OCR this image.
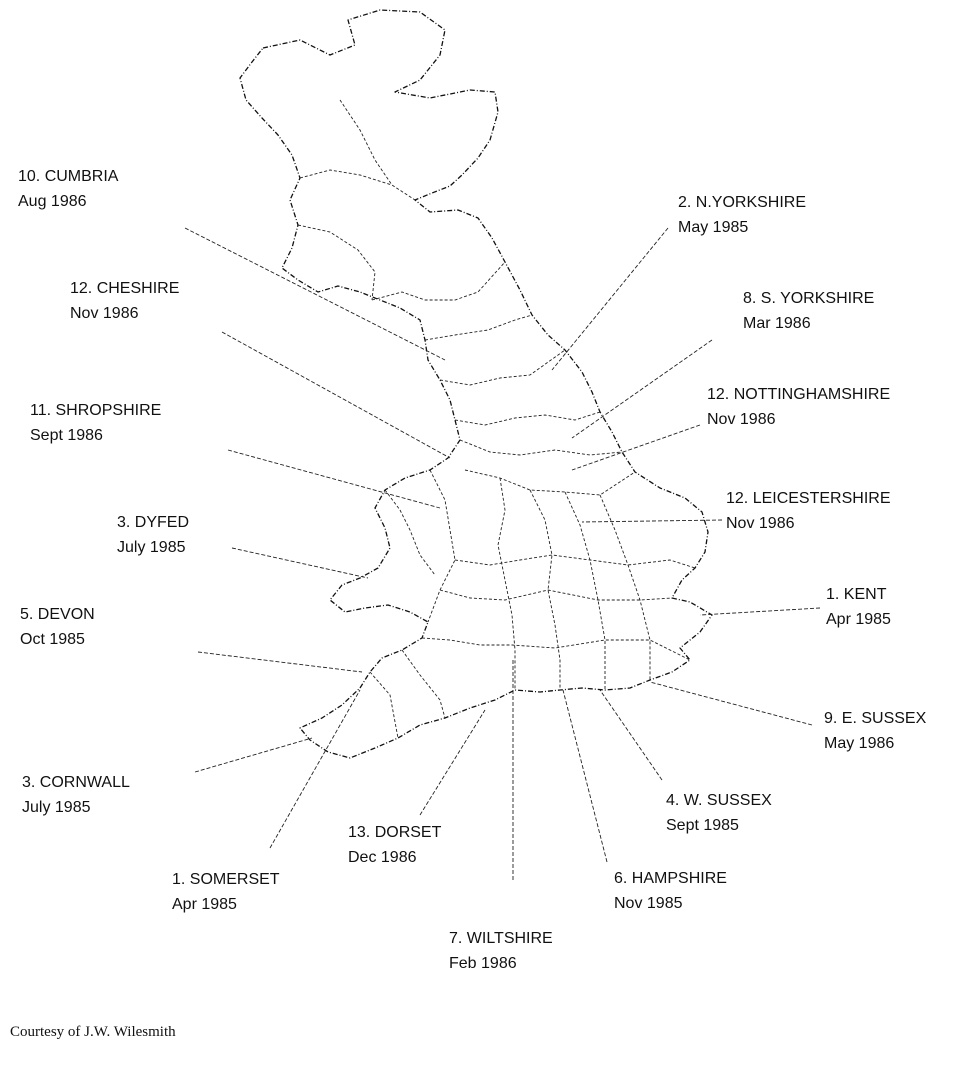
10. CUMBRIA
Aug 1986
12. CHESHIRE
Nov 1986
11. SHROPSHIRE
Sept 1986
3. DYFED
July 1985
5. DEVON
Oct 1985
3. CORNWALL
July 1985
1. SOMERSET
Apr 1985
13. DORSET
Dec 1986
7. WILTSHIRE
Feb 1986
6. HAMPSHIRE
Nov 1985
4. W. SUSSEX
Sept 1985
9. E. SUSSEX
May 1986
1. KENT
Apr 1985
12. LEICESTERSHIRE
Nov 1986
12. NOTTINGHAMSHIRE
Nov 1986
8. S. YORKSHIRE
Mar 1986
2. N.YORKSHIRE
May 1985
Courtesy of J.W. Wilesmith
